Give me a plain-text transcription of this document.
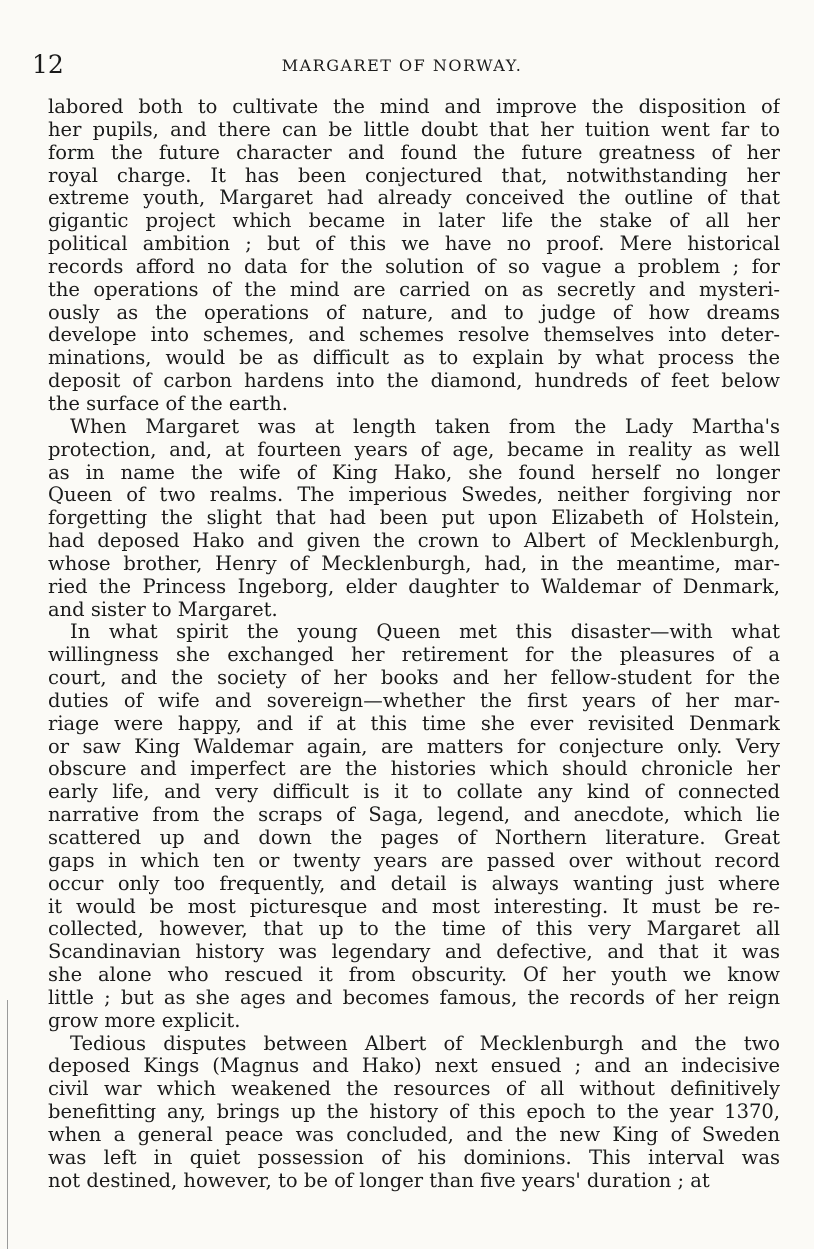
12	MARGARET OF NORWAY.
labored both to cultivate the mind and improve the disposition of
her pupils, and there can be little doubt that her tuition went far to
form the future character and found the future greatness of her
royal charge. It has been conjectured that, notwithstanding her
extreme youth, Margaret had already conceived the outline of that
gigantic project which became in later life the stake of all her
political ambition ; but of this we have no proof. Mere historical
records afford no data for the solution of so vague a problem ; for
the operations of the mind are carried on as secretly and mysteri-
ously as the operations of nature, and to judge of how dreams
develope into schemes, and schemes resolve themselves into deter-
minations, would be as difficult as to explain by what process the
deposit of carbon hardens into the diamond, hundreds of feet below
the surface of the earth.
When Margaret was at length taken from the Lady Martha's
protection, and, at fourteen years of age, became in reality as well
as in name the wife of King Hako, she found herself no longer
Queen of two realms. The imperious Swedes, neither forgiving nor
forgetting the slight that had been put upon Elizabeth of Holstein,
had deposed Hako and given the crown to Albert of Mecklenburgh,
whose brother, Henry of Mecklenburgh, had, in the meantime, mar-
ried the Princess Ingeborg, elder daughter to Waldemar of Denmark,
and sister to Margaret.
In what spirit the young Queen met this disaster—with what
willingness she exchanged her retirement for the pleasures of a
court, and the society of her books and her fellow-student for the
duties of wife and sovereign—whether the first years of her mar-
riage were happy, and if at this time she ever revisited Denmark
or saw King Waldemar again, are matters for conjecture only. Very
obscure and imperfect are the histories which should chronicle her
early life, and very difficult is it to collate any kind of connected
narrative from the scraps of Saga, legend, and anecdote, which lie
scattered up and down the pages of Northern literature. Great
gaps in which ten or twenty years are passed over without record
occur only too frequently, and detail is always wanting just where
it would be most picturesque and most interesting. It must be re-
collected, however, that up to the time of this very Margaret all
Scandinavian history was legendary and defective, and that it was
she alone who rescued it from obscurity. Of her youth we know
little ; but as she ages and becomes famous, the records of her reign
grow more explicit.
Tedious disputes between Albert of Mecklenburgh and the two
deposed Kings (Magnus and Hako) next ensued ; and an indecisive
civil war which weakened the resources of all without definitively
benefitting any, brings up the history of this epoch to the year 1370,
when a general peace was concluded, and the new King of Sweden
was left in quiet possession of his dominions. This interval was
not destined, however, to be of longer than five years' duration ; at
